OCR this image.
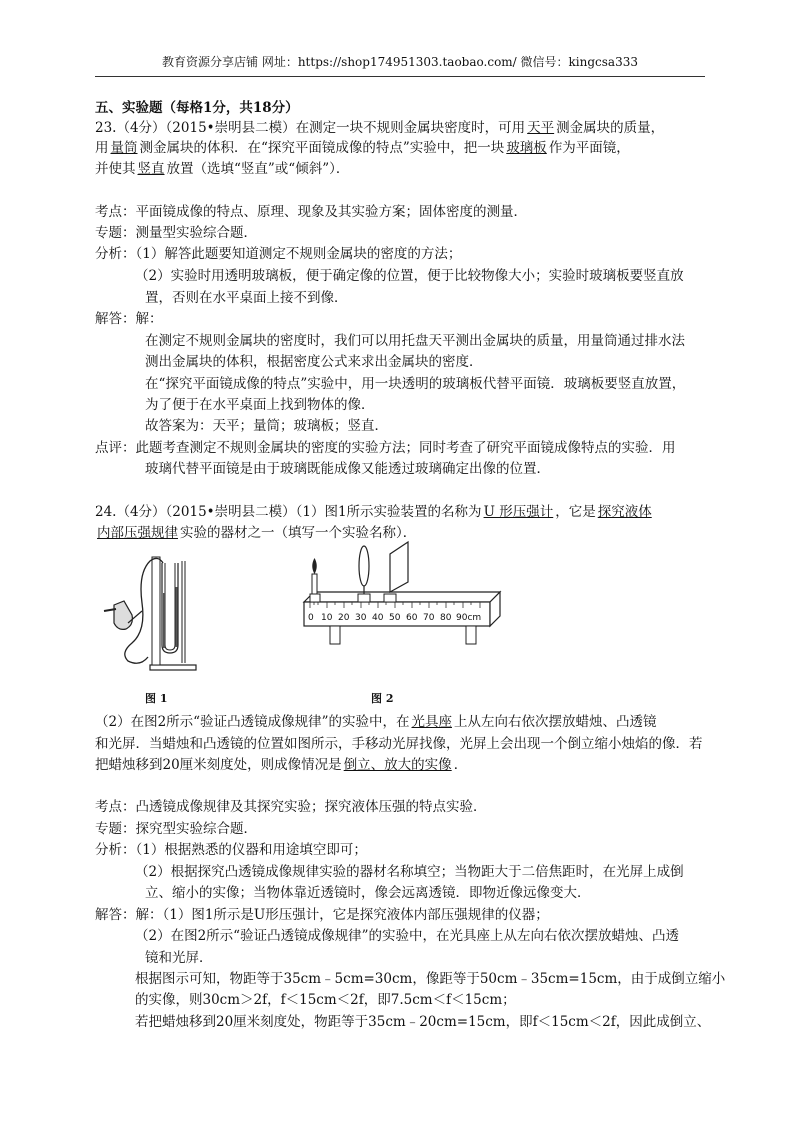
教育资源分享店铺 网址：https://shop174951303.taobao.com/ 微信号：kingcsa333
五、实验题（每格1分，共18分）
23.（4分）（2015•崇明县二模）在测定一块不规则金属块密度时，可用 天平 测金属块的质量，
用 量筒 测金属块的体积．在“探究平面镜成像的特点”实验中，把一块 玻璃板 作为平面镜，
并使其 竖直 放置（选填“竖直”或“倾斜”）．
考点：平面镜成像的特点、原理、现象及其实验方案；固体密度的测量．
专题：测量型实验综合题．
分析：（1）解答此题要知道测定不规则金属块的密度的方法；
（2）实验时用透明玻璃板，便于确定像的位置，便于比较物像大小；实验时玻璃板要竖直放
置，否则在水平桌面上接不到像．
解答：解：
在测定不规则金属块的密度时，我们可以用托盘天平测出金属块的质量，用量筒通过排水法
测出金属块的体积，根据密度公式来求出金属块的密度．
在“探究平面镜成像的特点”实验中，用一块透明的玻璃板代替平面镜．玻璃板要竖直放置，
为了便于在水平桌面上找到物体的像．
故答案为：天平；量筒；玻璃板；竖直．
点评：此题考查测定不规则金属块的密度的实验方法；同时考查了研究平面镜成像特点的实验．用
玻璃代替平面镜是由于玻璃既能成像又能透过玻璃确定出像的位置．
24.（4分）（2015•崇明县二模）（1）图1所示实验装置的名称为 U 形压强计 ，它是 探究液体
内部压强规律 实验的器材之一（填写一个实验名称）．
图 1
0 10 20 30 40 50 60 70 80 90cm
图 2
（2）在图2所示“验证凸透镜成像规律”的实验中，在 光具座 上从左向右依次摆放蜡烛、凸透镜
和光屏．当蜡烛和凸透镜的位置如图所示，手移动光屏找像，光屏上会出现一个倒立缩小烛焰的像．若
把蜡烛移到20厘米刻度处，则成像情况是 倒立、放大的实像 ．
考点：凸透镜成像规律及其探究实验；探究液体压强的特点实验．
专题：探究型实验综合题．
分析：（1）根据熟悉的仪器和用途填空即可；
（2）根据探究凸透镜成像规律实验的器材名称填空；当物距大于二倍焦距时，在光屏上成倒
立、缩小的实像；当物体靠近透镜时，像会远离透镜．即物近像远像变大．
解答：解：（1）图1所示是U形压强计，它是探究液体内部压强规律的仪器；
（2）在图2所示“验证凸透镜成像规律”的实验中，在光具座上从左向右依次摆放蜡烛、凸透
镜和光屏．
根据图示可知，物距等于35cm﹣5cm=30cm，像距等于50cm﹣35cm=15cm，由于成倒立缩小
的实像，则30cm＞2f，f＜15cm＜2f，即7.5cm＜f＜15cm；
若把蜡烛移到20厘米刻度处，物距等于35cm﹣20cm=15cm，即f＜15cm＜2f，因此成倒立、
